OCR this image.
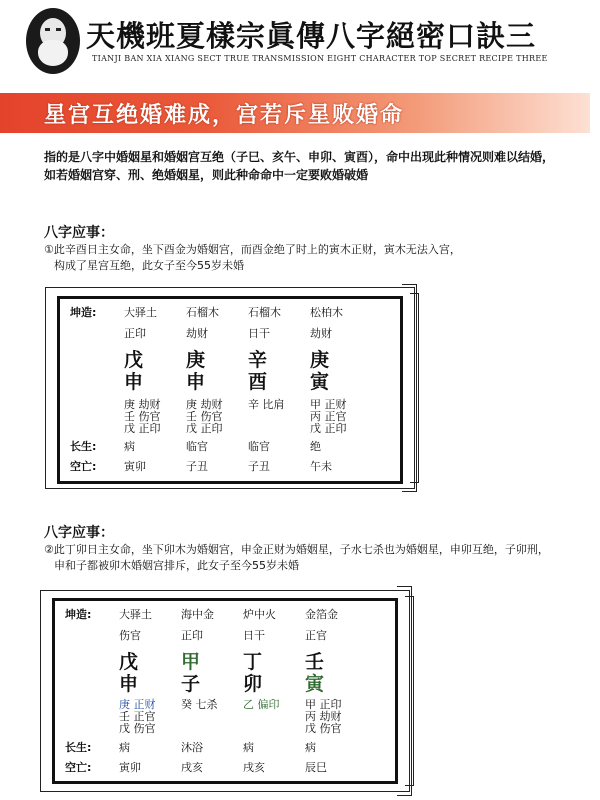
天機班夏樣宗眞傳八字絕密口訣三
TIANJI BAN XIA XIANG SECT TRUE TRANSMISSION EIGHT CHARACTER TOP SECRET RECIPE THREE
星宫互绝婚难成，宫若斥星败婚命
指的是八字中婚姻星和婚姻宫互绝（子巳、亥午、申卯、寅酉），命中出现此种情况则难以结婚，
如若婚姻宫穿、刑、绝婚姻星，则此种命命中一定要败婚破婚
八字应事：
①此辛酉日主女命，坐下酉金为婚姻宫，而酉金绝了时上的寅木正财，寅木无法入宫，
构成了星宫互绝，此女子至今55岁未婚
坤造:
长生:
空亡:
大驿土
正印
戊
申
庚 劫财
壬 伤官
戊 正印
病
寅卯
石榴木
劫财
庚
申
庚 劫财
壬 伤官
戊 正印
临官
子丑
石榴木
日干
辛
酉
辛 比肩
临官
子丑
松柏木
劫财
庚
寅
甲 正财
丙 正官
戊 正印
绝
午未
八字应事：
②此丁卯日主女命，坐下卯木为婚姻宫，申金正财为婚姻星，子水七杀也为婚姻星，申卯互绝，子卯刑，
申和子都被卯木婚姻宫排斥，此女子至今55岁未婚
坤造:
长生:
空亡:
大驿土
伤官
戊
申
庚 正财
壬 正官
戊 伤官
病
寅卯
海中金
正印
甲
子
癸 七杀
沐浴
戌亥
炉中火
日干
丁
卯
乙 偏印
病
戌亥
金箔金
正官
壬
寅
甲 正印
丙 劫财
戊 伤官
病
辰巳
